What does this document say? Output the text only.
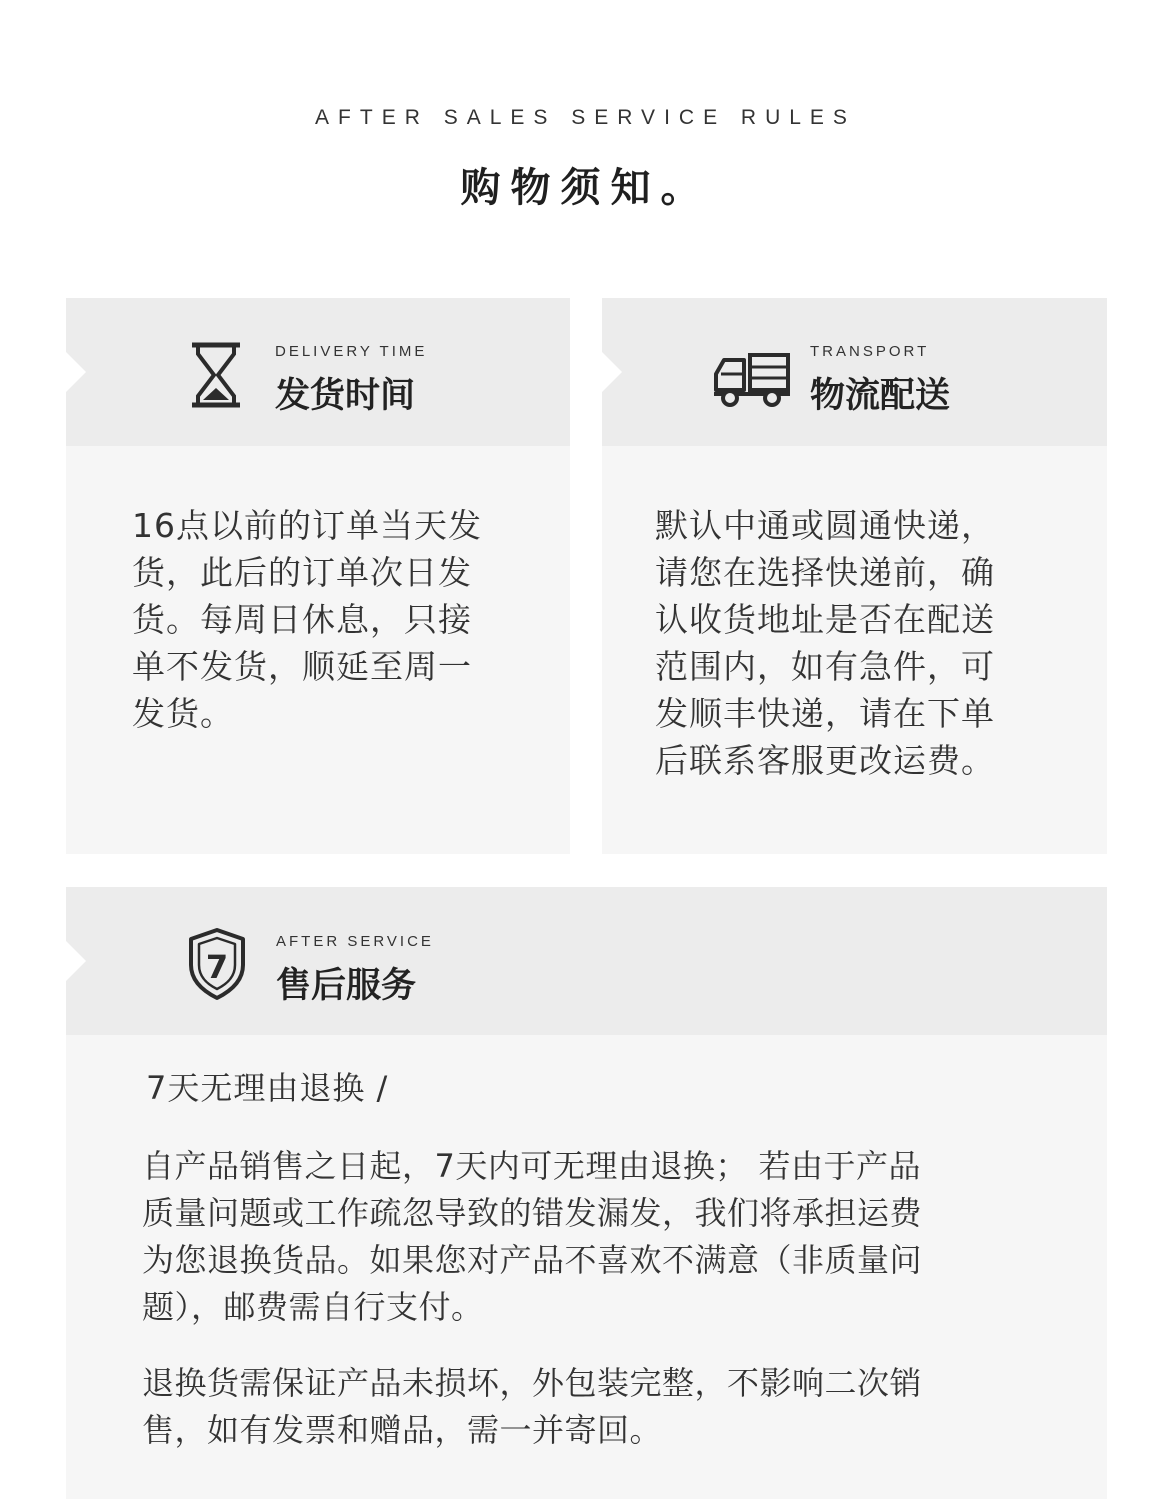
AFTER SALES SERVICE RULES
购物须知。
DELIVERY TIME
发货时间

16点以前的订单当天发

货，此后的订单次日发

货。每周日休息，只接

单不发货，顺延至周一

发货。

TRANSPORT
物流配送

默认中通或圆通快递，

请您在选择快递前，确

认收货地址是否在配送

范围内，如有急件，可

发顺丰快递，请在下单

后联系客服更改运费。

7
AFTER SERVICE
售后服务
7天无理由退换 /

自产品销售之日起，7天内可无理由退换； 若由于产品

质量问题或工作疏忽导致的错发漏发，我们将承担运费

为您退换货品。如果您对产品不喜欢不满意（非质量问

题），邮费需自行支付。

退换货需保证产品未损坏，外包装完整，不影响二次销

售，如有发票和赠品，需一并寄回。
